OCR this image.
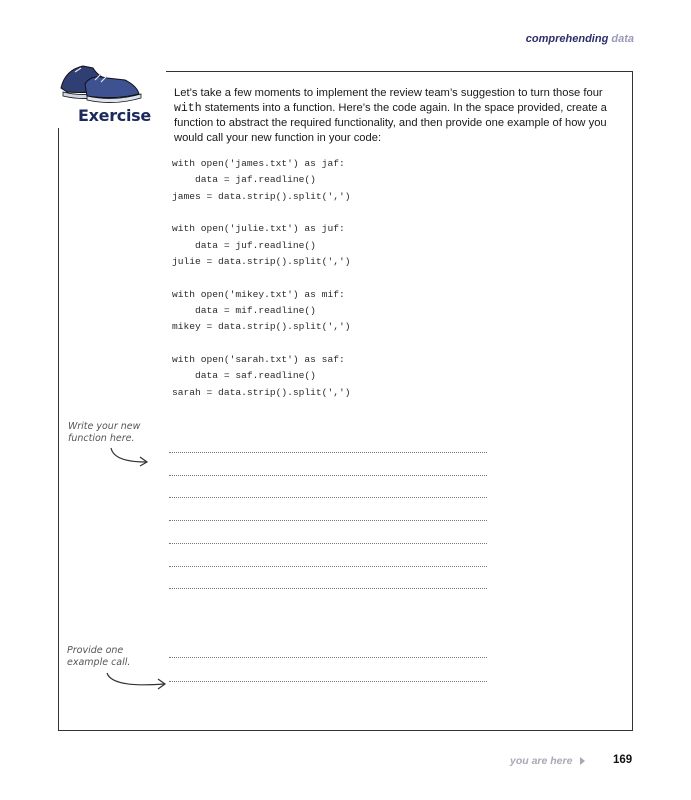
comprehending data
Exercise
Let’s take a few moments to implement the review team’s suggestion to turn those four with statements into a function. Here’s the code again. In the space provided, create a function to abstract the required functionality, and then provide one example of how you would call your new function in your code:
with open('james.txt') as jaf:
data = jaf.readline()
james = data.strip().split(',')
with open('julie.txt') as juf:
data = juf.readline()
julie = data.strip().split(',')
with open('mikey.txt') as mif:
data = mif.readline()
mikey = data.strip().split(',')
with open('sarah.txt') as saf:
data = saf.readline()
sarah = data.strip().split(',')
Write your new
function here.
Provide one
example call.
you are here	169
